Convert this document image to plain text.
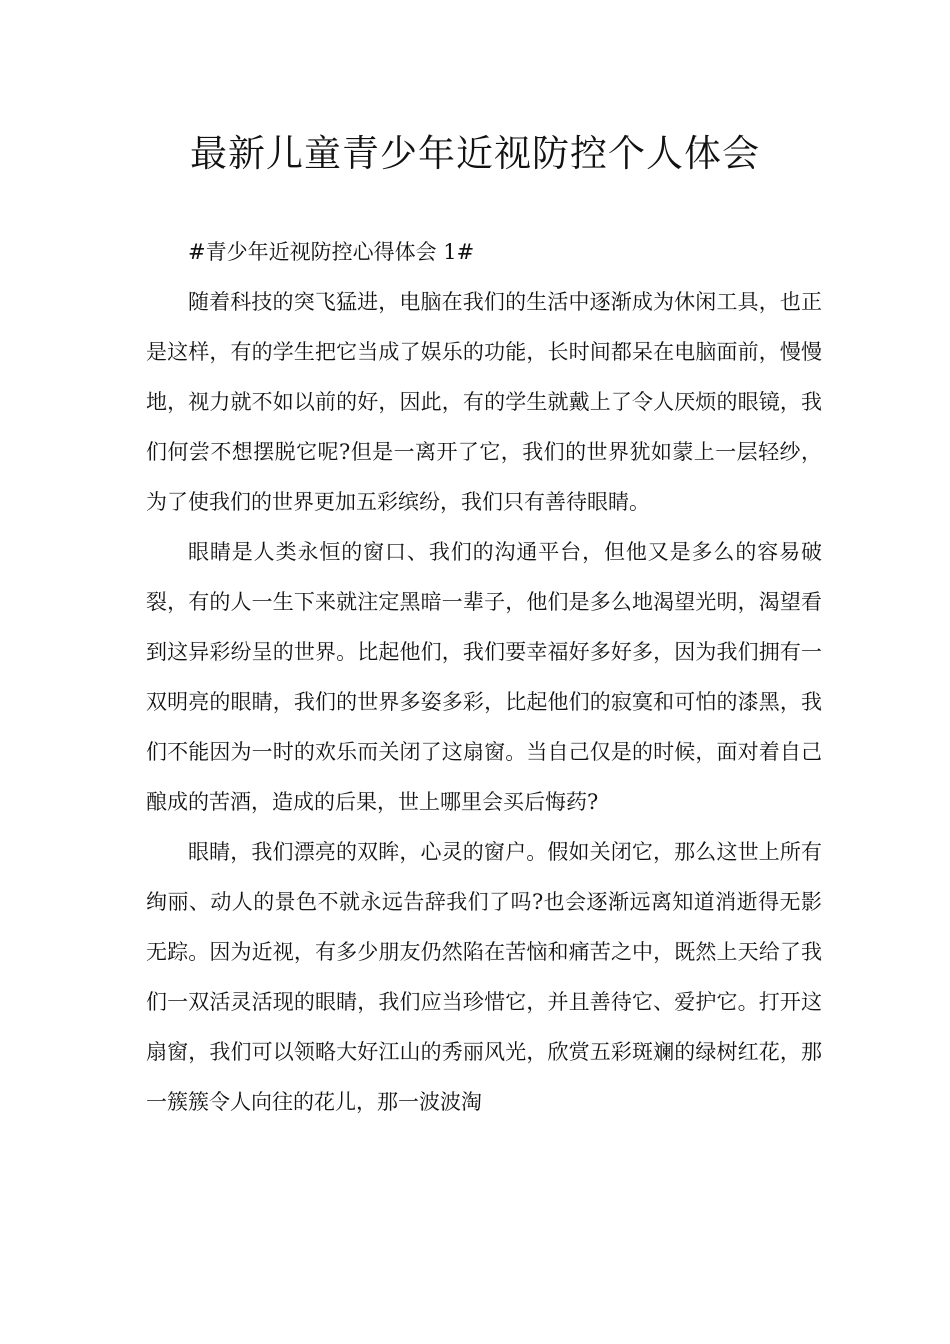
最新儿童青少年近视防控个人体会

#青少年近视防控心得体会 1#

随着科技的突飞猛进，电脑在我们的生活中逐渐成为休闲工具，也正是这样，有的学生把它当成了娱乐的功能，长时间都呆在电脑面前，慢慢地，视力就不如以前的好，因此，有的学生就戴上了令人厌烦的眼镜，我们何尝不想摆脱它呢?但是一离开了它，我们的世界犹如蒙上一层轻纱，为了使我们的世界更加五彩缤纷，我们只有善待眼睛。

眼睛是人类永恒的窗口、我们的沟通平台，但他又是多么的容易破裂，有的人一生下来就注定黑暗一辈子，他们是多么地渴望光明，渴望看到这异彩纷呈的世界。比起他们，我们要幸福好多好多，因为我们拥有一双明亮的眼睛，我们的世界多姿多彩，比起他们的寂寞和可怕的漆黑，我们不能因为一时的欢乐而关闭了这扇窗。当自己仅是的时候，面对着自己酿成的苦酒，造成的后果，世上哪里会买后悔药?

眼睛，我们漂亮的双眸，心灵的窗户。假如关闭它，那么这世上所有绚丽、动人的景色不就永远告辞我们了吗?也会逐渐远离知道消逝得无影无踪。因为近视，有多少朋友仍然陷在苦恼和痛苦之中，既然上天给了我们一双活灵活现的眼睛，我们应当珍惜它，并且善待它、爱护它。打开这扇窗，我们可以领略大好江山的秀丽风光，欣赏五彩斑斓的绿树红花，那一簇簇令人向往的花儿，那一波波淘
